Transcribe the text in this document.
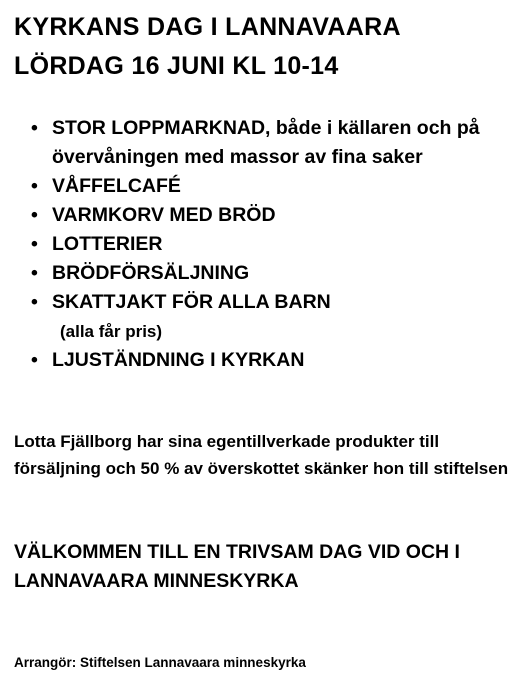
KYRKANS DAG I LANNAVAARA
LÖRDAG 16 JUNI KL 10-14
• STOR LOPPMARKNAD, både i källaren och på övervåningen med massor av fina saker
• VÅFFELCAFÉ
• VARMKORV MED BRÖD
• LOTTERIER
• BRÖDFÖRSÄLJNING
• SKATTJAKT FÖR ALLA BARN
(alla får pris)
• LJUSTÄNDNING I KYRKAN
Lotta Fjällborg har sina egentillverkade produkter till försäljning och 50 % av överskottet skänker hon till stiftelsen
VÄLKOMMEN TILL EN TRIVSAM DAG VID OCH I LANNAVAARA MINNESKYRKA
Arrangör: Stiftelsen Lannavaara minneskyrka
